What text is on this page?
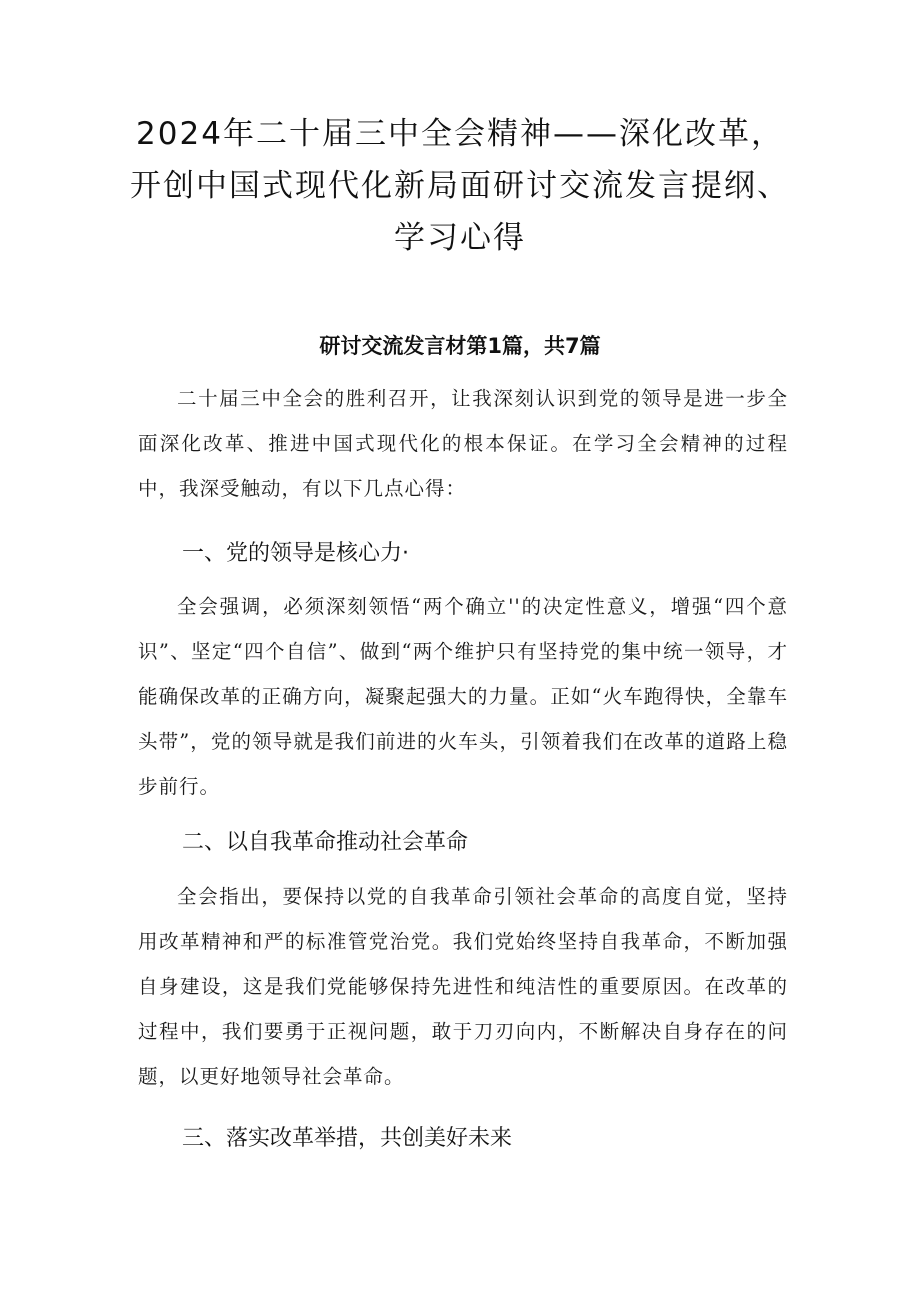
2024年二十届三中全会精神——深化改革，开创中国式现代化新局面研讨交流发言提纲、学习心得
研讨交流发言材第1篇，共7篇

二十届三中全会的胜利召开，让我深刻认识到党的领导是进一步全面深化改革、推进中国式现代化的根本保证。在学习全会精神的过程中，我深受触动，有以下几点心得：

一、党的领导是核心力·

全会强调，必须深刻领悟“两个确立''的决定性意义，增强“四个意识”、坚定“四个自信”、做到“两个维护只有坚持党的集中统一领导，才能确保改革的正确方向，凝聚起强大的力量。正如“火车跑得快，全靠车头带”，党的领导就是我们前进的火车头，引领着我们在改革的道路上稳步前行。

二、以自我革命推动社会革命

全会指出，要保持以党的自我革命引领社会革命的高度自觉，坚持用改革精神和严的标准管党治党。我们党始终坚持自我革命，不断加强自身建设，这是我们党能够保持先进性和纯洁性的重要原因。在改革的过程中，我们要勇于正视问题，敢于刀刃向内，不断解决自身存在的问题，以更好地领导社会革命。

三、落实改革举措，共创美好未来
